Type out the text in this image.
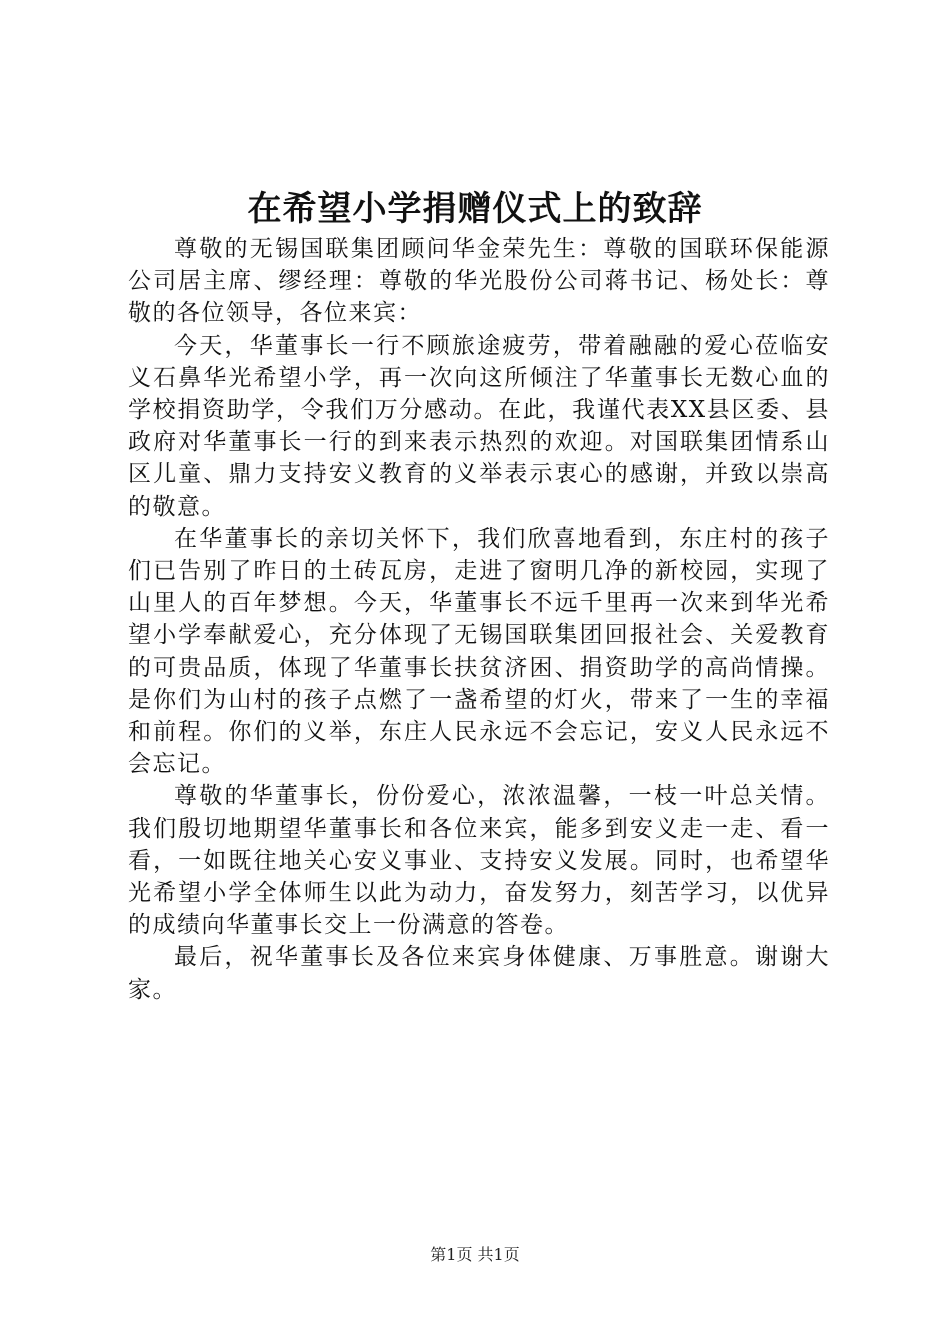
在希望小学捐赠仪式上的致辞

尊敬的无锡国联集团顾问华金荣先生：尊敬的国联环保能源公司居主席、缪经理：尊敬的华光股份公司蒋书记、杨处长：尊敬的各位领导，各位来宾：

今天，华董事长一行不顾旅途疲劳，带着融融的爱心莅临安义石鼻华光希望小学，再一次向这所倾注了华董事长无数心血的学校捐资助学，令我们万分感动。在此，我谨代表XX县区委、县政府对华董事长一行的到来表示热烈的欢迎。对国联集团情系山区儿童、鼎力支持安义教育的义举表示衷心的感谢，并致以崇高的敬意。

在华董事长的亲切关怀下，我们欣喜地看到，东庄村的孩子们已告别了昨日的土砖瓦房，走进了窗明几净的新校园，实现了山里人的百年梦想。今天，华董事长不远千里再一次来到华光希望小学奉献爱心，充分体现了无锡国联集团回报社会、关爱教育的可贵品质，体现了华董事长扶贫济困、捐资助学的高尚情操。是你们为山村的孩子点燃了一盏希望的灯火，带来了一生的幸福和前程。你们的义举，东庄人民永远不会忘记，安义人民永远不会忘记。

尊敬的华董事长，份份爱心，浓浓温馨，一枝一叶总关情。我们殷切地期望华董事长和各位来宾，能多到安义走一走、看一看，一如既往地关心安义事业、支持安义发展。同时，也希望华光希望小学全体师生以此为动力，奋发努力，刻苦学习，以优异的成绩向华董事长交上一份满意的答卷。

最后，祝华董事长及各位来宾身体健康、万事胜意。谢谢大家。

第1页 共1页
